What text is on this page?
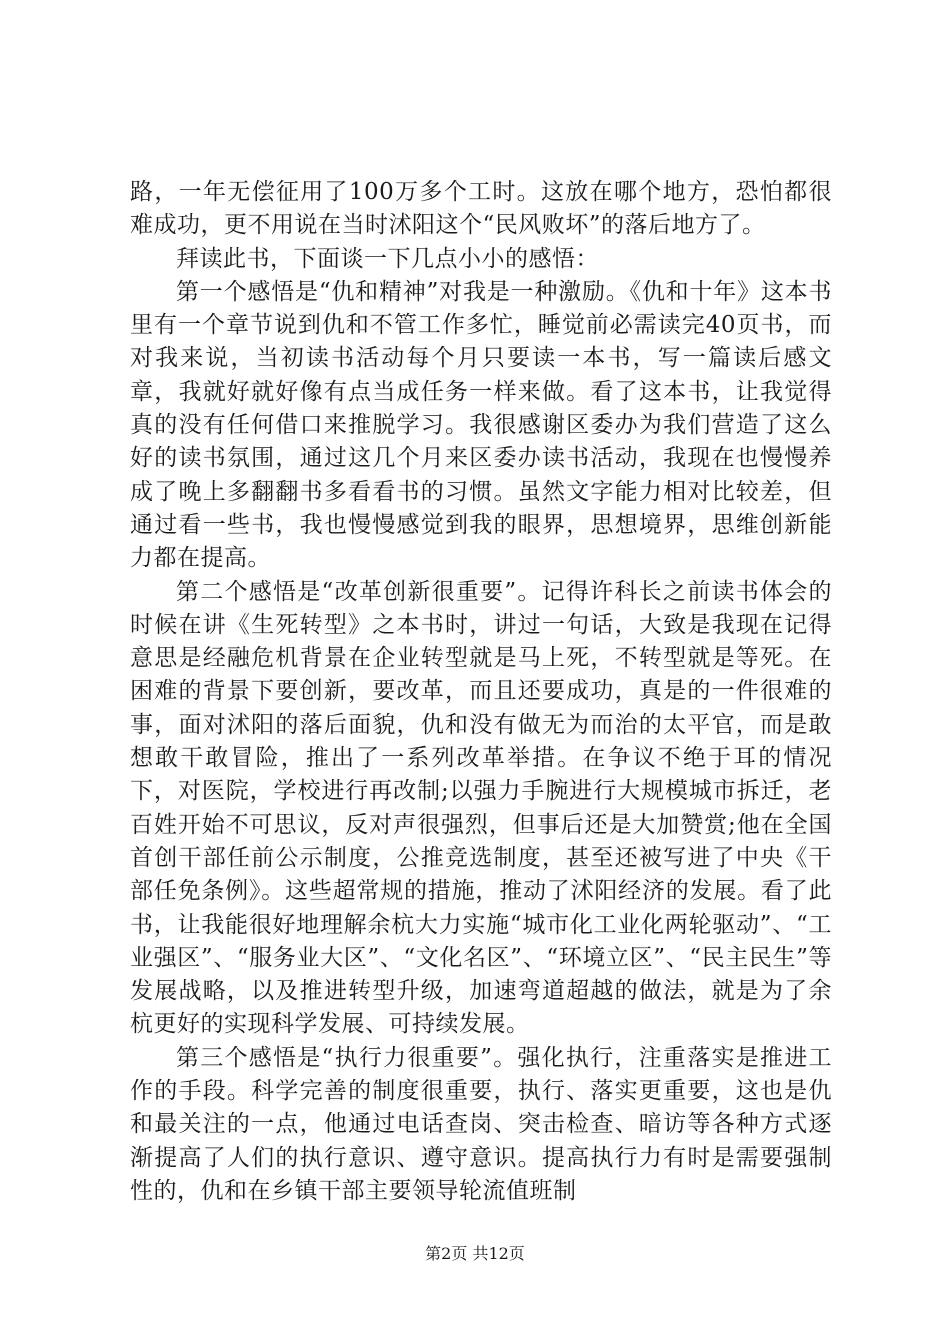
路，一年无偿征用了100万多个工时。这放在哪个地方，恐怕都很难成功，更不用说在当时沭阳这个“民风败坏”的落后地方了。

拜读此书，下面谈一下几点小小的感悟：

第一个感悟是“仇和精神”对我是一种激励。《仇和十年》这本书里有一个章节说到仇和不管工作多忙，睡觉前必需读完40页书，而对我来说，当初读书活动每个月只要读一本书，写一篇读后感文章，我就好就好像有点当成任务一样来做。看了这本书，让我觉得真的没有任何借口来推脱学习。我很感谢区委办为我们营造了这么好的读书氛围，通过这几个月来区委办读书活动，我现在也慢慢养成了晚上多翻翻书多看看书的习惯。虽然文字能力相对比较差，但通过看一些书，我也慢慢感觉到我的眼界，思想境界，思维创新能力都在提高。

第二个感悟是“改革创新很重要”。记得许科长之前读书体会的时候在讲《生死转型》之本书时，讲过一句话，大致是我现在记得意思是经融危机背景在企业转型就是马上死，不转型就是等死。在困难的背景下要创新，要改革，而且还要成功，真是的一件很难的事，面对沭阳的落后面貌，仇和没有做无为而治的太平官，而是敢想敢干敢冒险，推出了一系列改革举措。在争议不绝于耳的情况下，对医院，学校进行再改制;以强力手腕进行大规模城市拆迁，老百姓开始不可思议，反对声很强烈，但事后还是大加赞赏;他在全国首创干部任前公示制度，公推竞选制度，甚至还被写进了中央《干部任免条例》。这些超常规的措施，推动了沭阳经济的发展。看了此书，让我能很好地理解余杭大力实施“城市化工业化两轮驱动”、“工业强区”、“服务业大区”、“文化名区”、“环境立区”、“民主民生”等发展战略，以及推进转型升级，加速弯道超越的做法，就是为了余杭更好的实现科学发展、可持续发展。

第三个感悟是“执行力很重要”。强化执行，注重落实是推进工作的手段。科学完善的制度很重要，执行、落实更重要，这也是仇和最关注的一点，他通过电话查岗、突击检查、暗访等各种方式逐渐提高了人们的执行意识、遵守意识。提高执行力有时是需要强制性的，仇和在乡镇干部主要领导轮流值班制

第2页 共12页
